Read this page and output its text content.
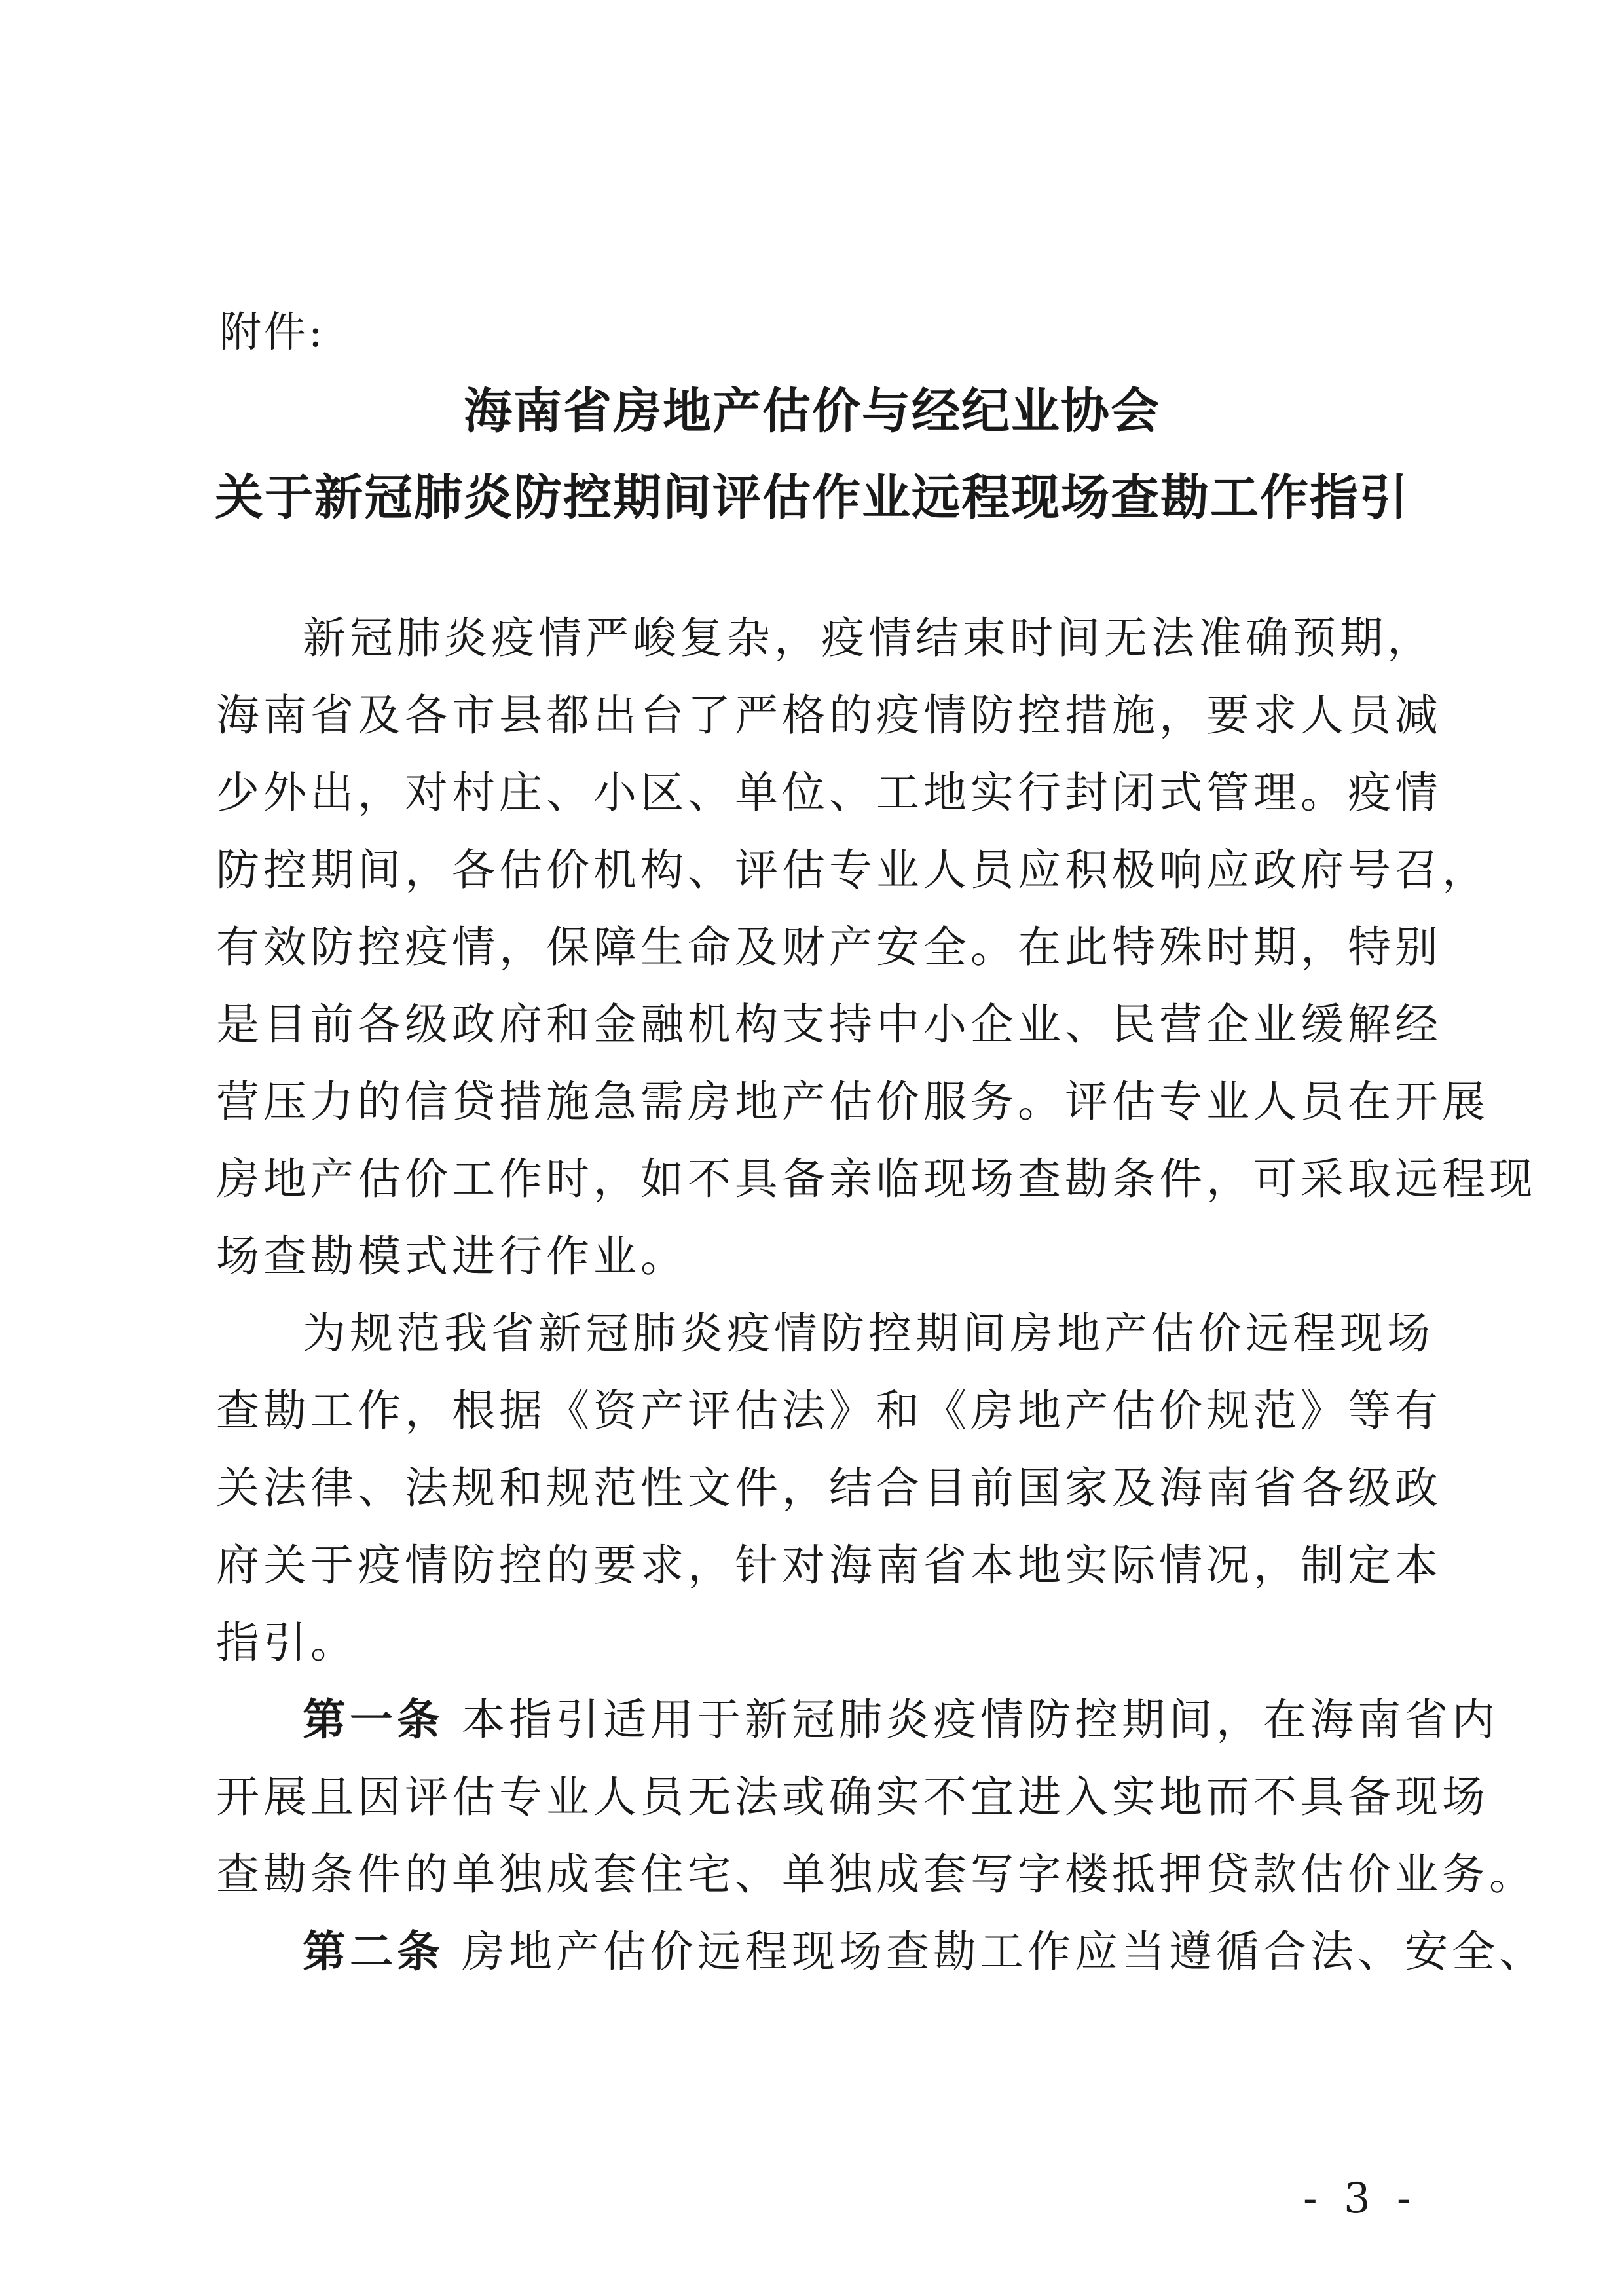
附件:
海南省房地产估价与经纪业协会
关于新冠肺炎防控期间评估作业远程现场查勘工作指引
新冠肺炎疫情严峻复杂，疫情结束时间无法准确预期，
海南省及各市县都出台了严格的疫情防控措施，要求人员减
少外出，对村庄、小区、单位、工地实行封闭式管理。疫情
防控期间，各估价机构、评估专业人员应积极响应政府号召，
有效防控疫情，保障生命及财产安全。在此特殊时期，特别
是目前各级政府和金融机构支持中小企业、民营企业缓解经
营压力的信贷措施急需房地产估价服务。评估专业人员在开展
房地产估价工作时，如不具备亲临现场查勘条件，可采取远程现
场查勘模式进行作业。
为规范我省新冠肺炎疫情防控期间房地产估价远程现场
查勘工作，根据《资产评估法》和《房地产估价规范》等有
关法律、法规和规范性文件，结合目前国家及海南省各级政
府关于疫情防控的要求，针对海南省本地实际情况，制定本
指引。
第一条 本指引适用于新冠肺炎疫情防控期间，在海南省内
开展且因评估专业人员无法或确实不宜进入实地而不具备现场
查勘条件的单独成套住宅、单独成套写字楼抵押贷款估价业务。
第二条 房地产估价远程现场查勘工作应当遵循合法、安全、
- 3 -
